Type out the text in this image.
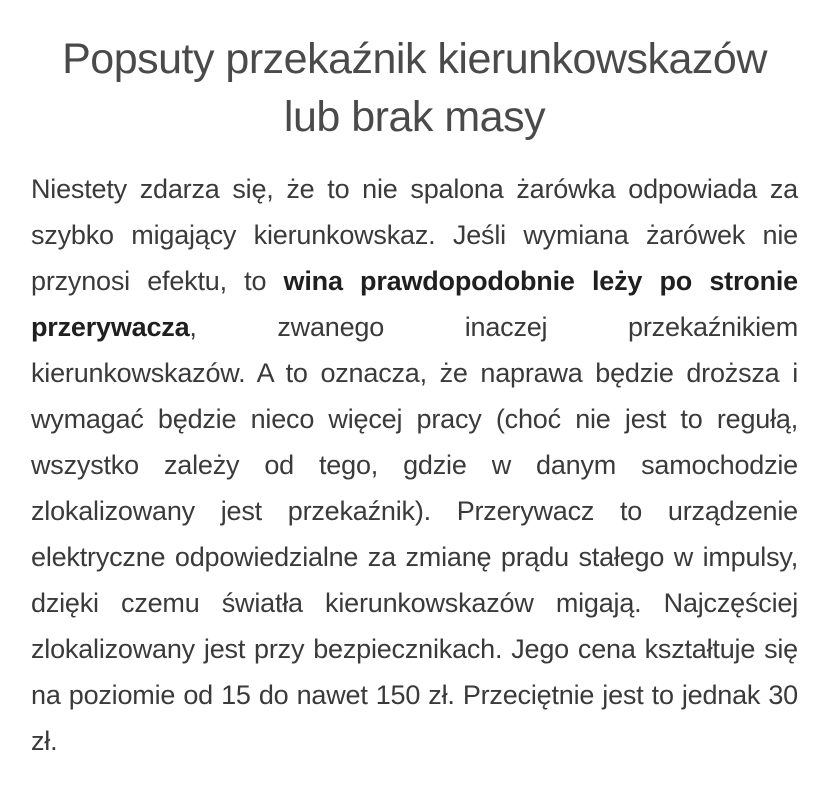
Popsuty przekaźnik kierunkowskazów
lub brak masy

Niestety zdarza się, że to nie spalona żarówka odpowiada za szybko migający kierunkowskaz. Jeśli wymiana żarówek nie przynosi efektu, to wina prawdopodobnie leży po stronie przerywacza, zwanego inaczej przekaźnikiem kierunkowskazów. A to oznacza, że naprawa będzie droższa i wymagać będzie nieco więcej pracy (choć nie jest to regułą, wszystko zależy od tego, gdzie w danym samochodzie zlokalizowany jest przekaźnik). Przerywacz to urządzenie elektryczne odpowiedzialne za zmianę prądu stałego w impulsy, dzięki czemu światła kierunkowskazów migają. Najczęściej zlokalizowany jest przy bezpiecznikach. Jego cena kształtuje się na poziomie od 15 do nawet 150 zł. Przeciętnie jest to jednak 30 zł.
